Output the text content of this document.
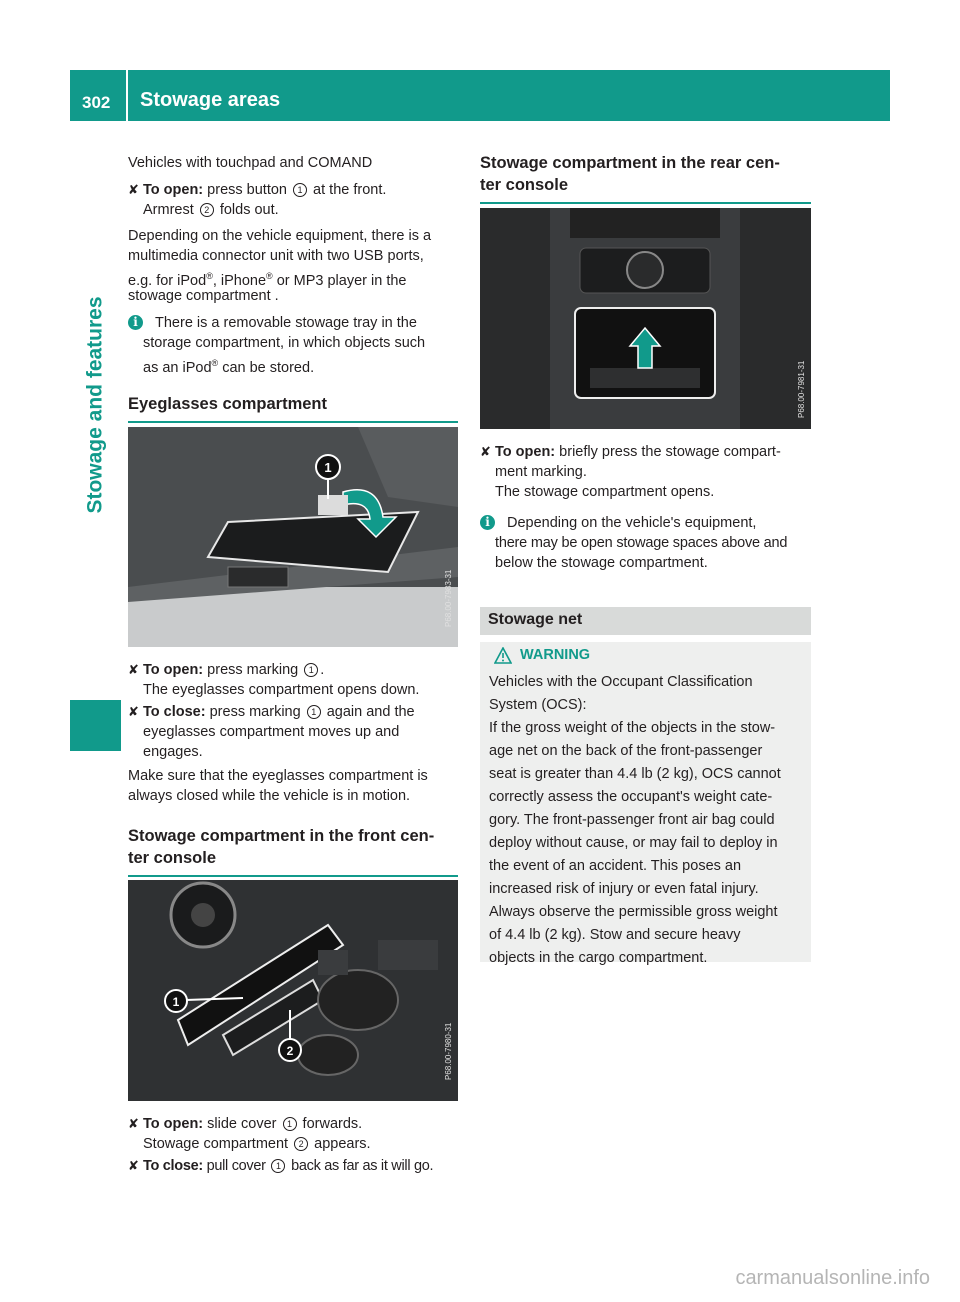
302 Stowage areas
Stowage and features

Vehicles with touchpad and COMAND

✘ To open: press button 1 at the front.

Armrest 2 folds out.

Depending on the vehicle equipment, there is a

multimedia connector unit with two USB ports,

e.g. for iPod®, iPhone® or MP3 player in the

stowage compartment .

i	There is a removable stowage tray in the

storage compartment, in which objects such

as an iPod® can be stored.

Eyeglasses compartment
1
P68.00-7983-31
✘ To open: press marking 1 .

The eyeglasses compartment opens down.

✘ To close: press marking 1 again and the

eyeglasses compartment moves up and

engages.

Make sure that the eyeglasses compartment is

always closed while the vehicle is in motion.

Stowage compartment in the front cen-
ter console
1
2	P68.00-7980-31
✘ To open: slide cover 1 forwards.

Stowage compartment 2 appears.

✘ To close: pull cover 1 back as far as it will go.

Stowage compartment in the rear cen-
ter console
P68.00-7981-31
✘ To open: briefly press the stowage compart-

ment marking.

The stowage compartment opens.

i	Depending on the vehicle's equipment,

there may be open stowage spaces above and

below the stowage compartment.

Stowage net
WARNING

Vehicles with the Occupant Classification

System (OCS):

If the gross weight of the objects in the stow-

age net on the back of the front-passenger

seat is greater than 4.4 lb (2 kg), OCS cannot

correctly assess the occupant's weight cate-

gory. The front-passenger front air bag could

deploy without cause, or may fail to deploy in

the event of an accident. This poses an

increased risk of injury or even fatal injury.

Always observe the permissible gross weight

of 4.4 lb (2 kg). Stow and secure heavy

objects in the cargo compartment.

carmanualsonline.info
